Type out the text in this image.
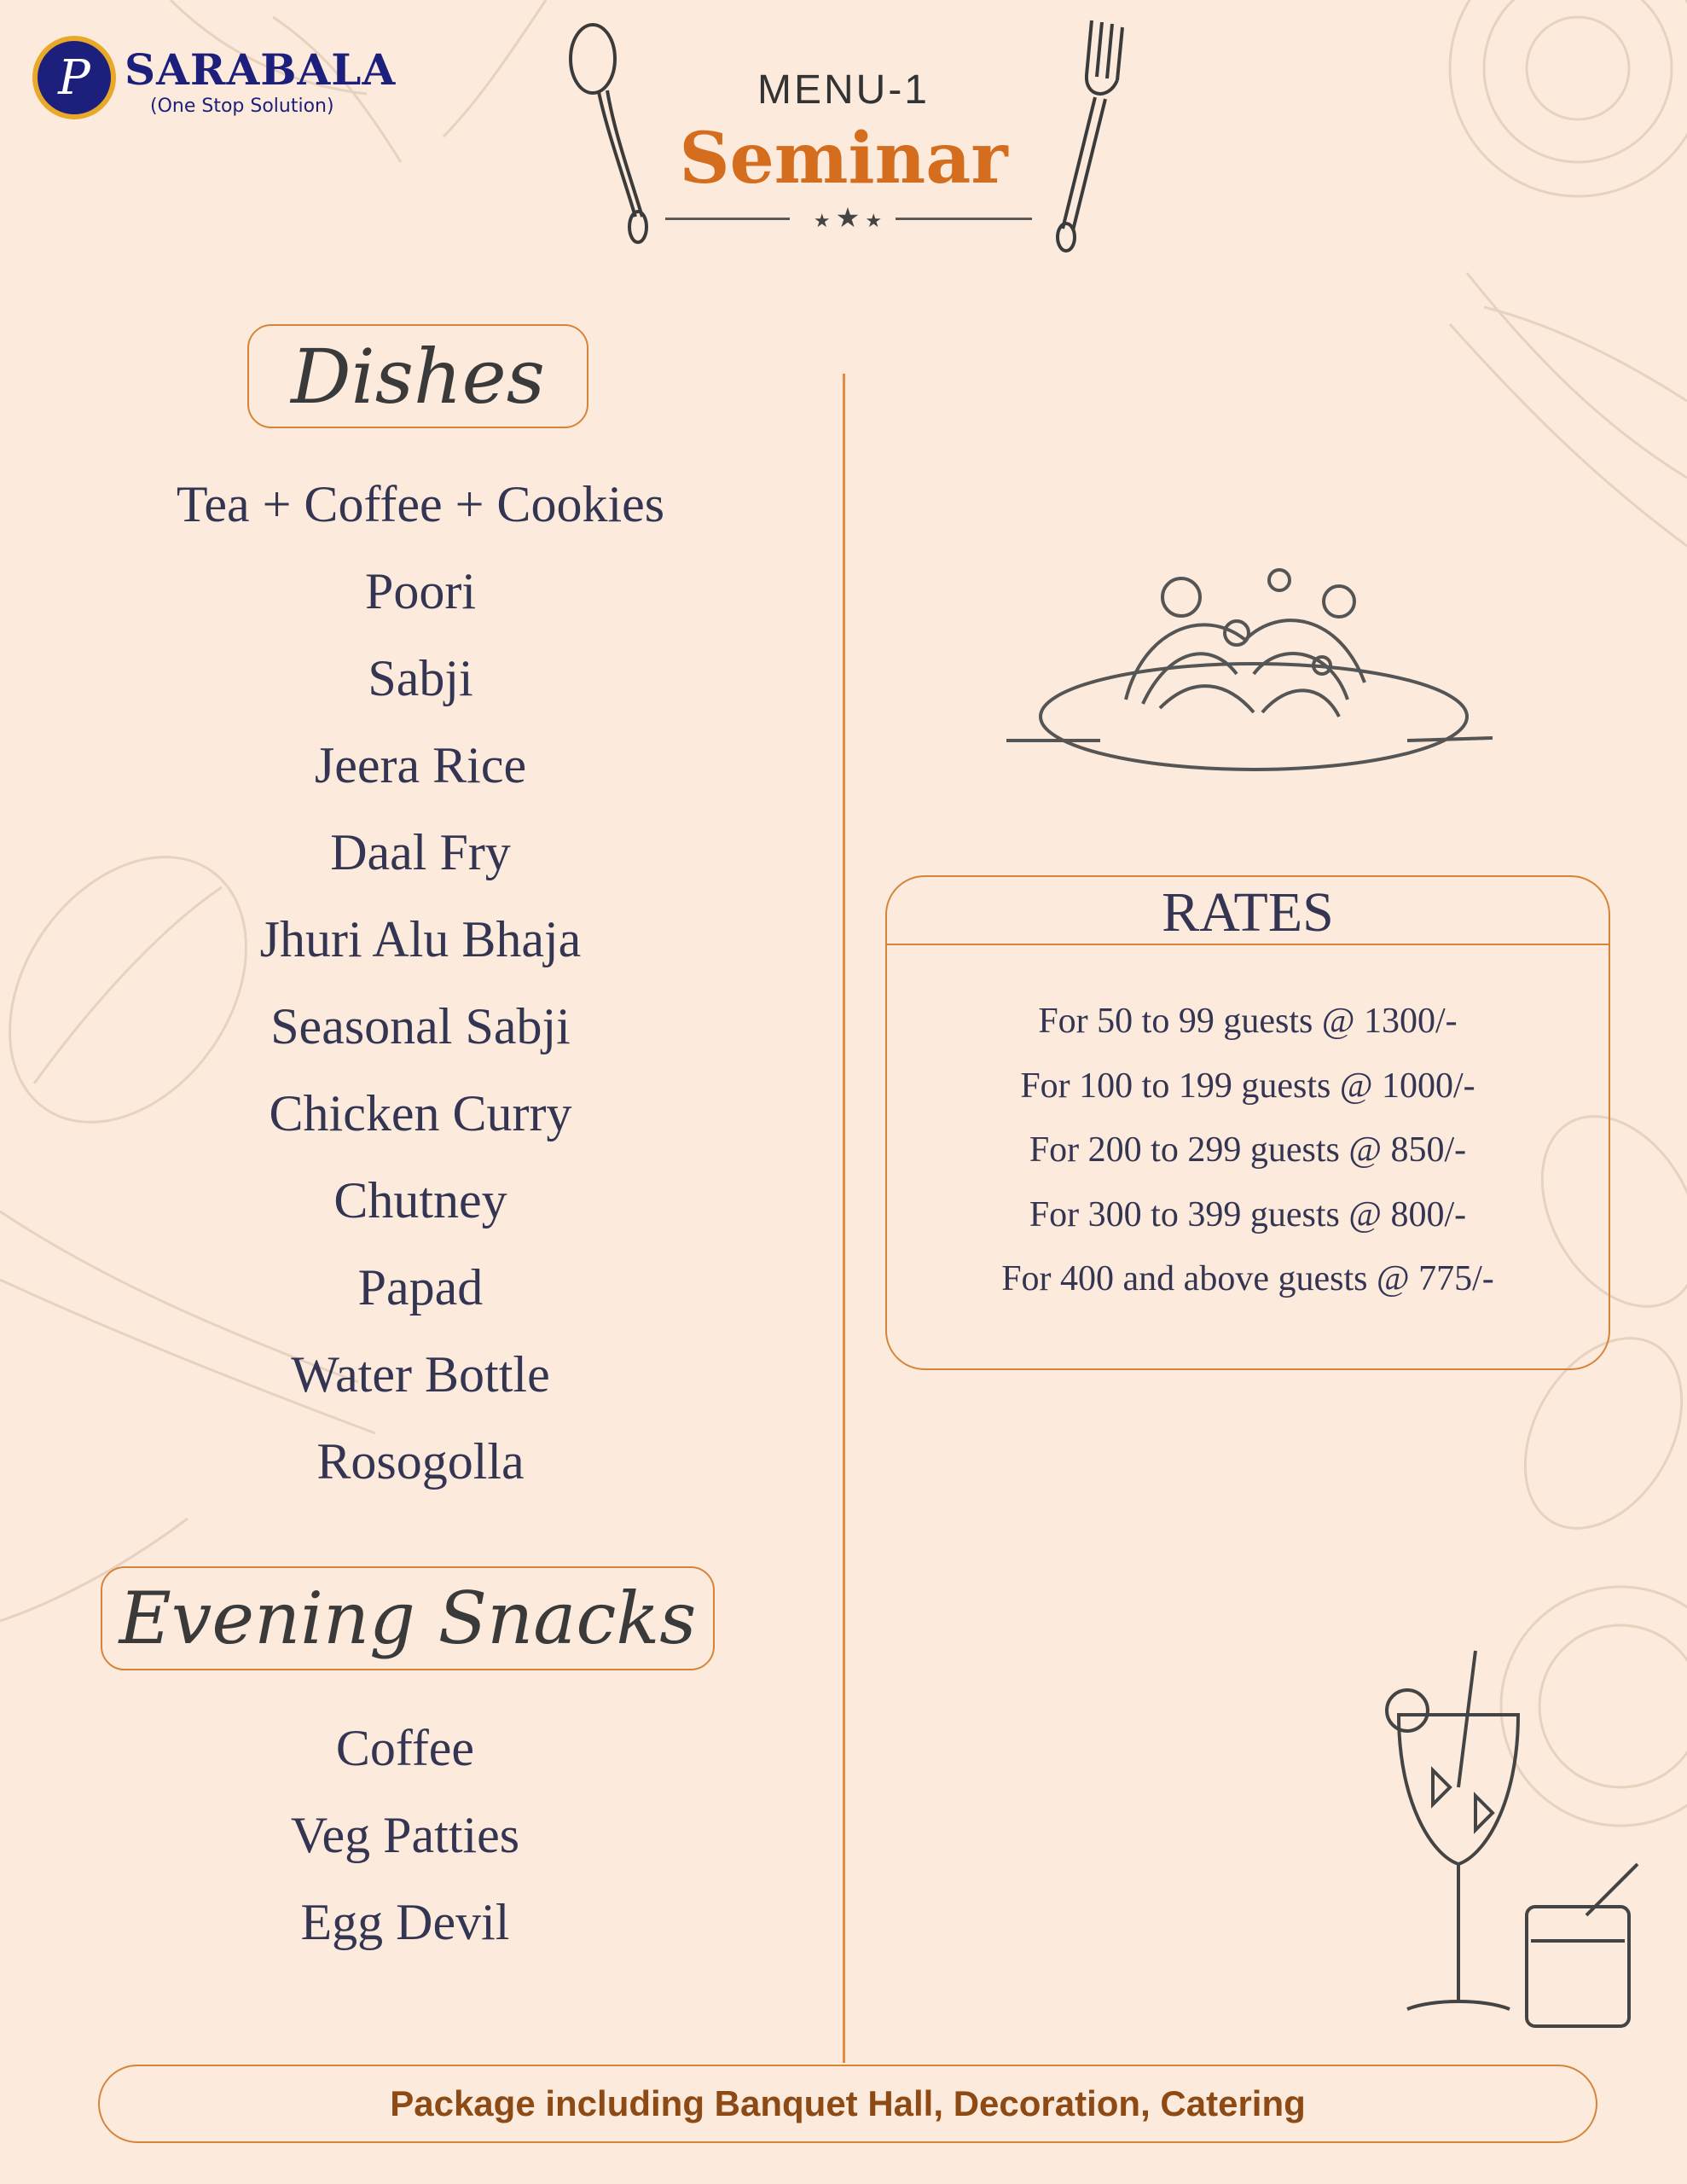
P SARABALA
(One Stop Solution)	MENU-1
Seminar
★ ★ ★
Dishes
Tea + Coffee + Cookies
Poori
Sabji
Jeera Rice
Daal Fry
Jhuri Alu Bhaja
Seasonal Sabji
Chicken Curry
Chutney
Papad
Water Bottle
Rosogolla
Evening Snacks
Coffee
Veg Patties
Egg Devil
RATES
For 50 to 99 guests @ 1300/-
For 100 to 199 guests @ 1000/-
For 200 to 299 guests @ 850/-
For 300 to 399 guests @ 800/-
For 400 and above guests @ 775/-
Package including Banquet Hall, Decoration, Catering
